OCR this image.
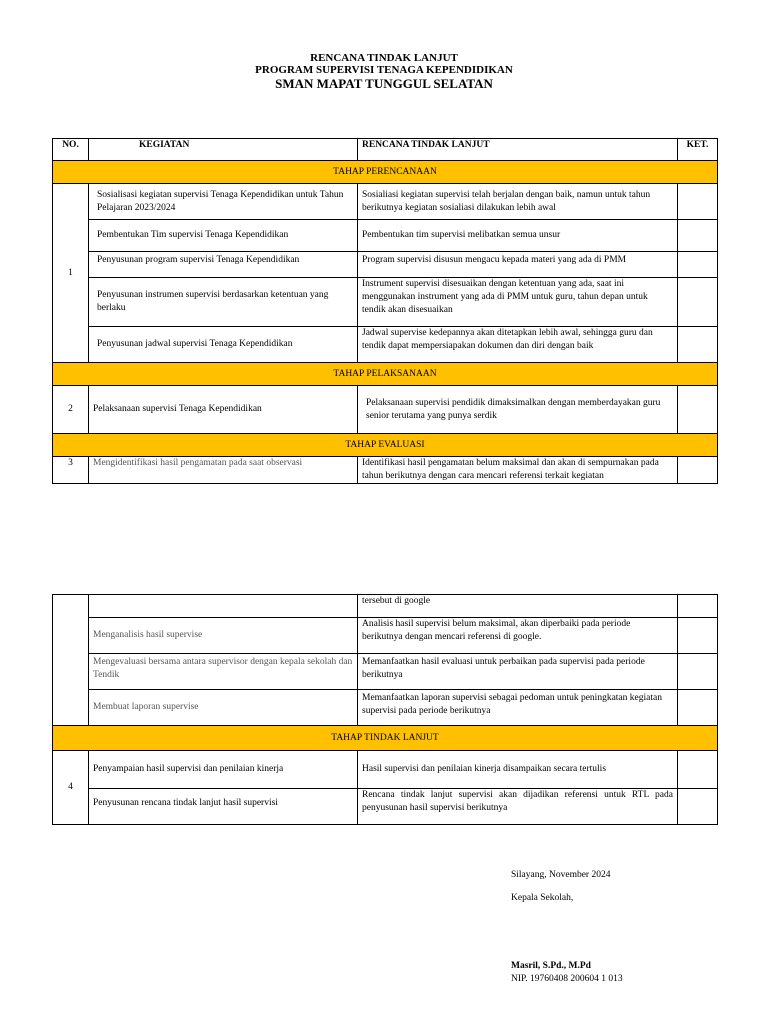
RENCANA TINDAK LANJUT
PROGRAM SUPERVISI TENAGA KEPENDIDIKAN
SMAN MAPAT TUNGGUL SELATAN
NO.	KEGIATAN	RENCANA TINDAK LANJUT	KET.
TAHAP PERENCANAAN			
1	Sosialisasi kegiatan supervisi Tenaga Kependidikan untuk Tahun Pelajaran 2023/2024	Sosialiasi kegiatan supervisi telah berjalan dengan baik, namun untuk tahun berikutnya kegiatan sosialiasi dilakukan lebih awal	
	Pembentukan Tim supervisi Tenaga Kependidikan	Pembentukan tim supervisi melibatkan semua unsur	
	Penyusunan program supervisi Tenaga Kependidikan	Program supervisi disusun mengacu kepada materi yang ada di PMM	
	Penyusunan instrumen supervisi berdasarkan ketentuan yang berlaku	Instrument supervisi disesuaikan dengan ketentuan yang ada, saat ini menggunakan instrument yang ada di PMM untuk guru, tahun depan untuk tendik akan disesuaikan	
	Penyusunan jadwal supervisi Tenaga Kependidikan	Jadwal supervise kedepannya akan ditetapkan lebih awal, sehingga guru dan tendik dapat mempersiapakan dokumen dan diri dengan baik	
TAHAP PELAKSANAAN			
2	Pelaksanaan supervisi Tenaga Kependidikan	Pelaksanaan supervisi pendidik dimaksimalkan dengan memberdayakan guru senior terutama yang punya serdik	
TAHAP EVALUASI			
3	Mengidentifikasi hasil pengamatan pada saat observasi	Identifikasi hasil pengamatan belum maksimal dan akan di sempurnakan pada tahun berikutnya dengan cara mencari referensi terkait kegiatan	
		tersebut di google	
	Menganalisis hasil supervise	Analisis hasil supervisi belum maksimal, akan diperbaiki pada periode berikutnya dengan mencari referensi di google.	
	Mengevaluasi bersama antara supervisor dengan kepala sekolah dan Tendik	Memanfaatkan hasil evaluasi untuk perbaikan pada supervisi pada periode berikutnya	
	Membuat laporan supervise	Memanfaatkan laporan supervisi sebagai pedoman untuk peningkatan kegiatan supervisi pada periode berikutnya	
TAHAP TINDAK LANJUT			
4	Penyampaian hasil supervisi dan penilaian kinerja	Hasil supervisi dan penilaian kinerja disampaikan secara tertulis	
	Penyusunan rencana tindak lanjut hasil supervisi	Rencana tindak lanjut supervisi akan dijadikan referensi untuk RTL pada penyusunan hasil supervisi berikutnya	
Silayang, November 2024
Kepala Sekolah,
Masril, S.Pd., M.Pd
NIP. 19760408 200604 1 013
